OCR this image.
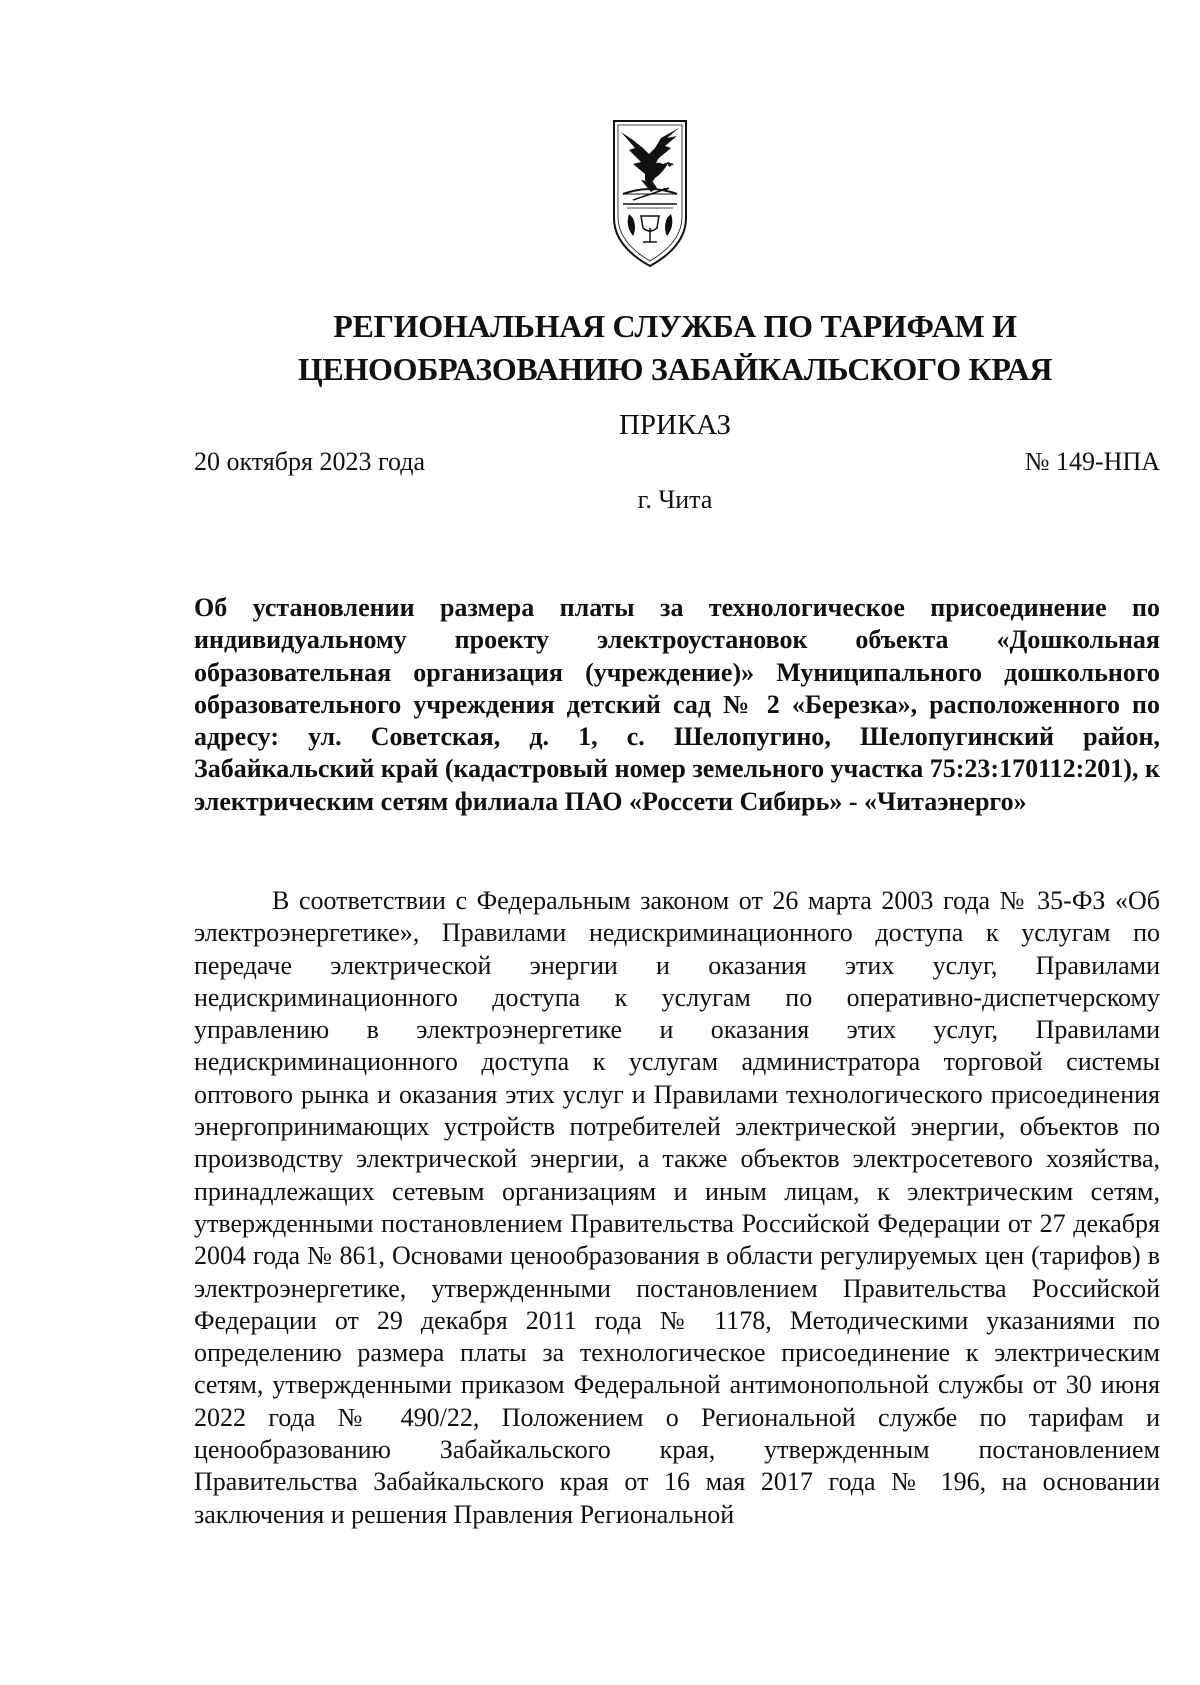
РЕГИОНАЛЬНАЯ СЛУЖБА ПО ТАРИФАМ И
ЦЕНООБРАЗОВАНИЮ ЗАБАЙКАЛЬСКОГО КРАЯ
ПРИКАЗ
20 октября 2023 года	№ 149-НПА
г. Чита
Об установлении размера платы за технологическое присоединение по индивидуальному проекту электроустановок объекта «Дошкольная образовательная организация (учреждение)» Муниципального дошкольного образовательного учреждения детский сад № 2 «Березка», расположенного по адресу: ул. Советская, д. 1, с. Шелопугино, Шелопугинский район, Забайкальский край (кадастровый номер земельного участка 75:23:170112:201), к электрическим сетям филиала ПАО «Россети Сибирь» - «Читаэнерго»

В соответствии с Федеральным законом от 26 марта 2003 года № 35-ФЗ «Об электроэнергетике», Правилами недискриминационного доступа к услугам по передаче электрической энергии и оказания этих услуг, Правилами недискриминационного доступа к услугам по оперативно-диспетчерскому управлению в электроэнергетике и оказания этих услуг, Правилами недискриминационного доступа к услугам администратора торговой системы оптового рынка и оказания этих услуг и Правилами технологического присоединения энергопринимающих устройств потребителей электрической энергии, объектов по производству электрической энергии, а также объектов электросетевого хозяйства, принадлежащих сетевым организациям и иным лицам, к электрическим сетям, утвержденными постановлением Правительства Российской Федерации от 27 декабря 2004 года № 861, Основами ценообразования в области регулируемых цен (тарифов) в электроэнергетике, утвержденными постановлением Правительства Российской Федерации от 29 декабря 2011 года № 1178, Методическими указаниями по определению размера платы за технологическое присоединение к электрическим сетям, утвержденными приказом Федеральной антимонопольной службы от 30 июня 2022 года № 490/22, Положением о Региональной службе по тарифам и ценообразованию Забайкальского края, утвержденным постановлением Правительства Забайкальского края от 16 мая 2017 года № 196, на основании заключения и решения Правления Региональной
